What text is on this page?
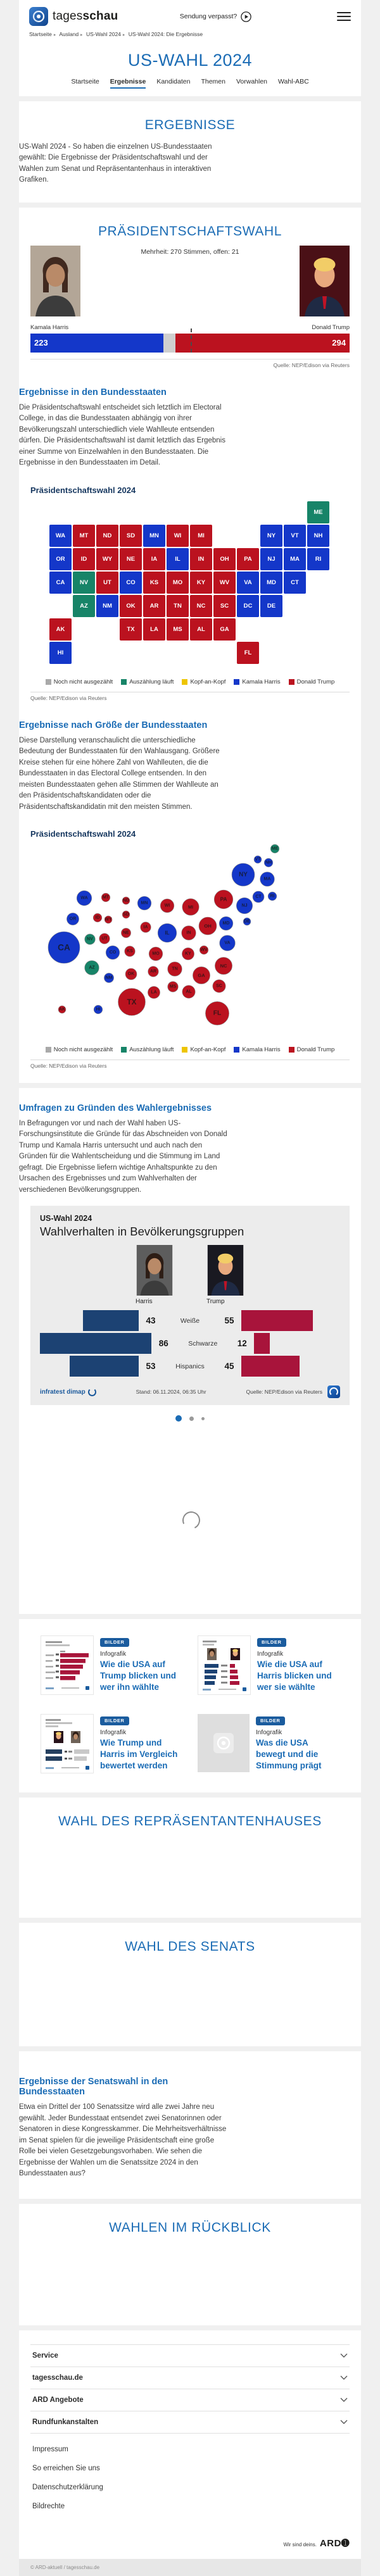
tagesschau	Sendung verpasst?
Startseite ▸ Ausland ▸ US-Wahl 2024 ▸ US-Wahl 2024: Die Ergebnisse
US-WAHL 2024
Startseite Ergebnisse Kandidaten Themen Vorwahlen Wahl-ABC
ERGEBNISSE

US-Wahl 2024 - So haben die einzelnen US-Bundesstaaten gewählt: Die Ergebnisse der Präsidentschaftswahl und der Wahlen zum Senat und Repräsentantenhaus in interaktiven Grafiken.

PRÄSIDENTSCHAFTSWAHL
Mehrheit: 270 Stimmen, offen: 21
Kamala Harris	Donald Trump
223	294
Quelle: NEP/Edison via Reuters
Ergebnisse in den Bundesstaaten

Die Präsidentschaftswahl entscheidet sich letztlich im Electoral College, in das die Bundesstaaten abhängig von ihrer Bevölkerungszahl unterschiedlich viele Wahlleute entsenden dürfen. Die Präsidentschaftswahl ist damit letztlich das Ergebnis einer Summe von Einzelwahlen in den Bundesstaaten. Die Ergebnisse in den Bundesstaaten im Detail.

Präsidentschaftswahl 2024
WA
OR
CA	NV
ID
MT
WY
UT
AZ
CO
NM
ND	SD
NE
KS
OK
TX
MN
IA
MO
AR
LA
WI
IL
MI
IN	OH
KY
TN
MS	AL	GA
FL
SC
NC
VA
WV
PA
NY
NJ
DE
MD
DC
CT
RI
MA
VT	NH
ME
AK
HI
Noch nicht ausgezählt	Auszählung läuft	Kopf-an-Kopf	Kamala Harris	Donald Trump
Quelle: NEP/Edison via Reuters
Ergebnisse nach Größe der Bundesstaaten

Diese Darstellung veranschaulicht die unterschiedliche Bedeutung der Bundesstaaten für den Wahlausgang. Größere Kreise stehen für eine höhere Zahl von Wahlleuten, die die Bundesstaaten in das Electoral College entsenden. In den meisten Bundesstaaten gehen alle Stimmen der Wahlleute an den Präsidentschaftskandidaten oder die Präsidentschaftskandidatin mit den meisten Stimmen.

Präsidentschaftswahl 2024
WA
OR
CA
NV
ID
MT
WY
UT
AZ
CO
NM
ND
SD
NE
KS
OK
TX
MN
IA
MO
AR
LA
WI
IL
MI
IN
OH
KY
TN
MS
AL
GA
FL
SC
NC
VA
WV
PA
NY
NJ
DE
MD
CT RI
MA
VT
NH
ME
AK	HI
Noch nicht ausgezählt	Auszählung läuft	Kopf-an-Kopf	Kamala Harris	Donald Trump
Quelle: NEP/Edison via Reuters
Umfragen zu Gründen des Wahlergebnisses

In Befragungen vor und nach der Wahl haben US-Forschungsinstitute die Gründe für das Abschneiden von Donald Trump und Kamala Harris untersucht und auch nach den Gründen für die Wahlentscheidung und die Stimmung im Land gefragt. Die Ergebnisse liefern wichtige Anhaltspunkte zu den Ursachen des Ergebnisses und zum Wahlverhalten der verschiedenen Bevölkerungsgruppen.

US-Wahl 2024
Wahlverhalten in Bevölkerungsgruppen
Harris	Trump
43	Weiße	55
86	Schwarze	12
53	Hispanics	45
infratest dimap	Stand: 06.11.2024, 06:35 Uhr	Quelle: NEP/Edison via Reuters

BILDER
Infografik
Wie die USA auf Trump blicken und wer ihn wählte
BILDER
Infografik
Wie die USA auf Harris blicken und wer sie wählte
BILDER
Infografik
Wie Trump und Harris im Vergleich bewertet werden
BILDER
Infografik
Was die USA bewegt und die Stimmung prägt
WAHL DES REPRÄSENTANTENHAUSES
WAHL DES SENATS
Ergebnisse der Senatswahl in den Bundesstaaten

Etwa ein Drittel der 100 Senatssitze wird alle zwei Jahre neu gewählt. Jeder Bundesstaat entsendet zwei Senatorinnen oder Senatoren in diese Kongresskammer. Die Mehrheitsverhältnisse im Senat spielen für die jeweilige Präsidentschaft eine große Rolle bei vielen Gesetzgebungsvorhaben. Wie sehen die Ergebnisse der Wahlen um die Senatssitze 2024 in den Bundesstaaten aus?

WAHLEN IM RÜCKBLICK
Service
tagesschau.de
ARD Angebote
Rundfunkanstalten
Impressum
So erreichen Sie uns
Datenschutzerklärung
Bildrechte
Wir sind deins. ARD➊
© ARD-aktuell / tagesschau.de
